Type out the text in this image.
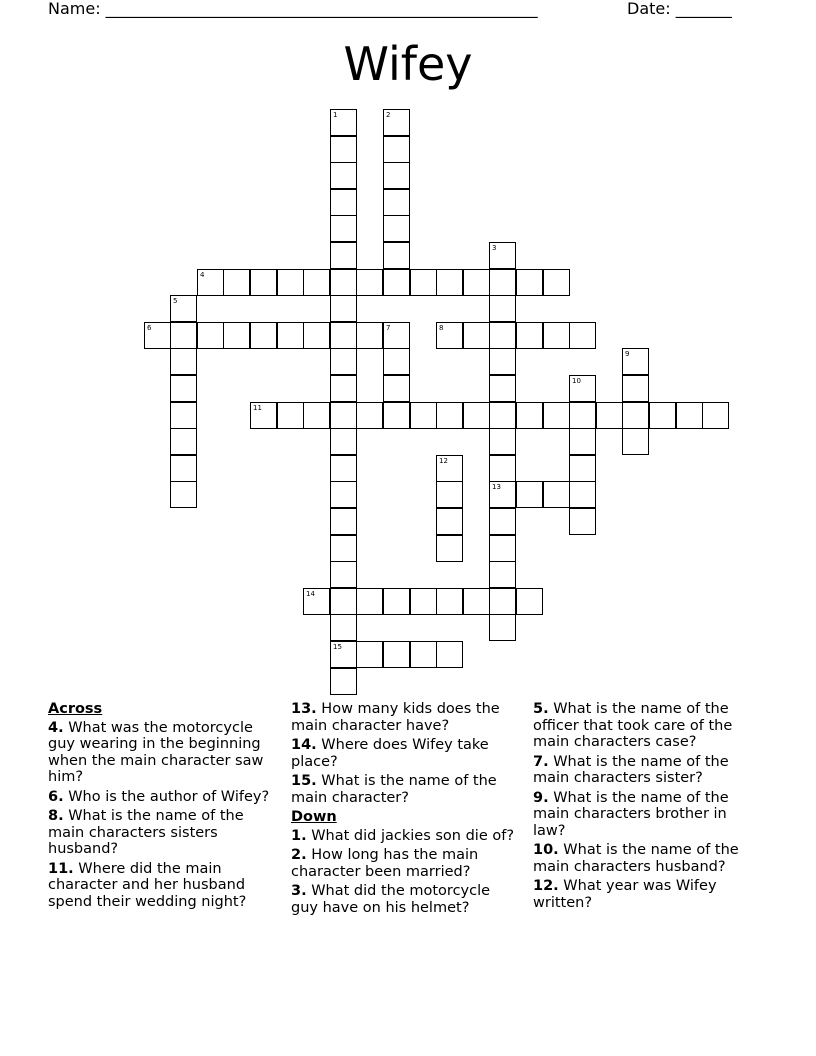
Name: ______________________________________________________	Date: _______
Wifey
1
15
2
3
13
4
5
6	7	8
9
10
11
12
14
Across
4. What was the motorcycle guy wearing in the beginning when the main character saw him?
6. Who is the author of Wifey?
8. What is the name of the main characters sisters husband?
11. Where did the main character and her husband spend their wedding night?
13. How many kids does the main character have?
14. Where does Wifey take place?
15. What is the name of the main character?
Down
1. What did jackies son die of?
2. How long has the main character been married?
3. What did the motorcycle guy have on his helmet?
5. What is the name of the officer that took care of the main characters case?
7. What is the name of the main characters sister?
9. What is the name of the main characters brother in law?
10. What is the name of the main characters husband?
12. What year was Wifey written?
